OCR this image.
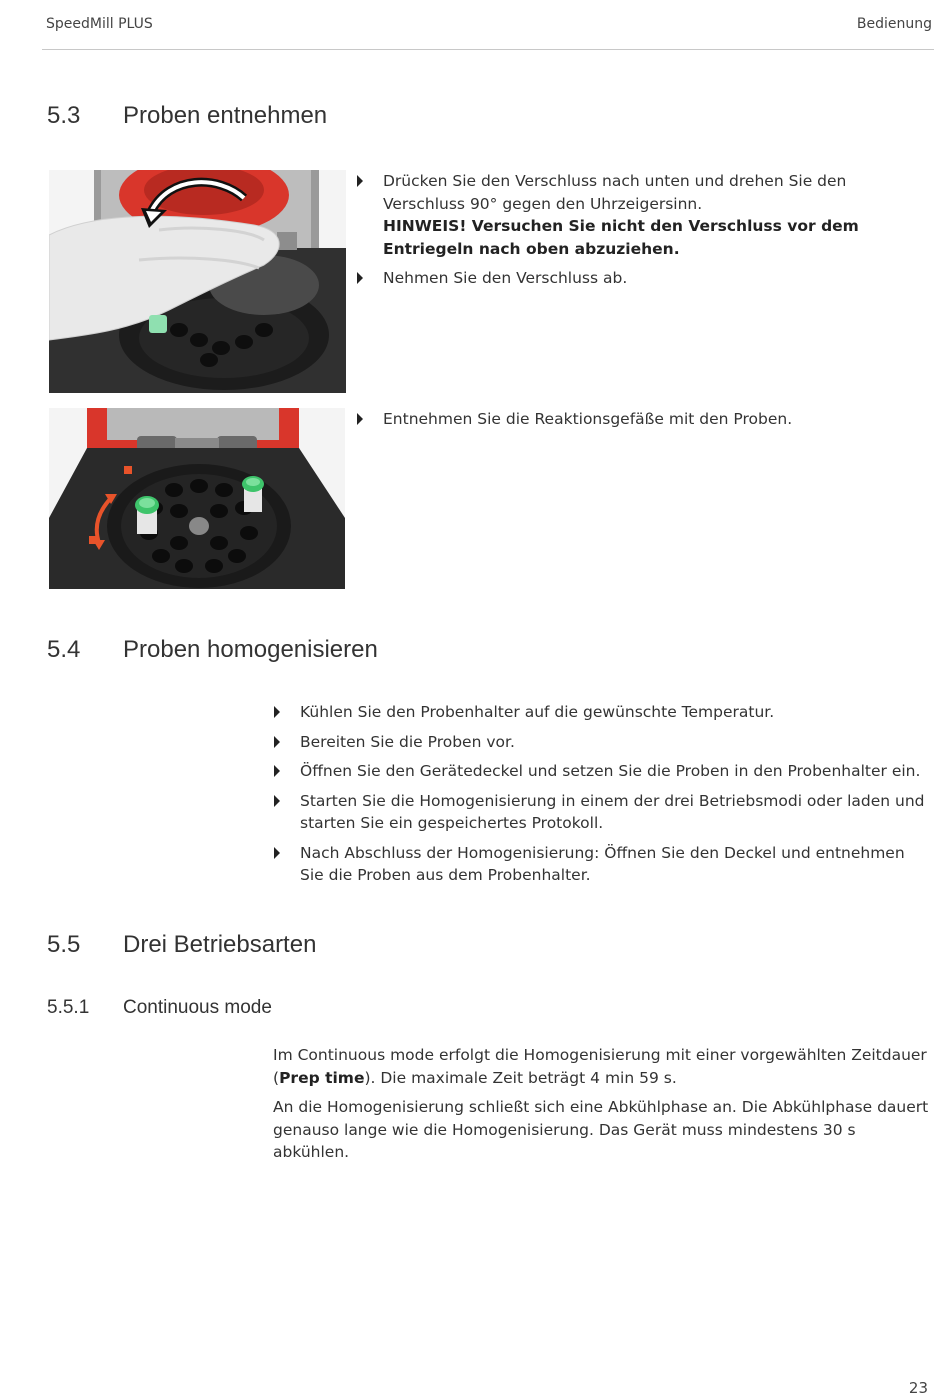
SpeedMill PLUS	Bedienung
5.3 Proben entnehmen
Drücken Sie den Verschluss nach unten und drehen Sie den Verschluss 90° gegen den Uhrzeigersinn.
HINWEIS! Versuchen Sie nicht den Verschluss vor dem Entriegeln nach oben abzuziehen.
Nehmen Sie den Verschluss ab.
Entnehmen Sie die Reaktionsgefäße mit den Proben.
5.4 Proben homogenisieren
Kühlen Sie den Probenhalter auf die gewünschte Temperatur.
Bereiten Sie die Proben vor.
Öffnen Sie den Gerätedeckel und setzen Sie die Proben in den Probenhalter ein.
Starten Sie die Homogenisierung in einem der drei Betriebsmodi oder laden und starten Sie ein gespeichertes Protokoll.
Nach Abschluss der Homogenisierung: Öffnen Sie den Deckel und entnehmen Sie die Proben aus dem Probenhalter.
5.5 Drei Betriebsarten
5.5.1 Continuous mode

Im Continuous mode erfolgt die Homogenisierung mit einer vorgewählten Zeitdauer (Prep time). Die maximale Zeit beträgt 4 min 59 s.

An die Homogenisierung schließt sich eine Abkühlphase an. Die Abkühlphase dauert genauso lange wie die Homogenisierung. Das Gerät muss mindestens 30 s abkühlen.

23
